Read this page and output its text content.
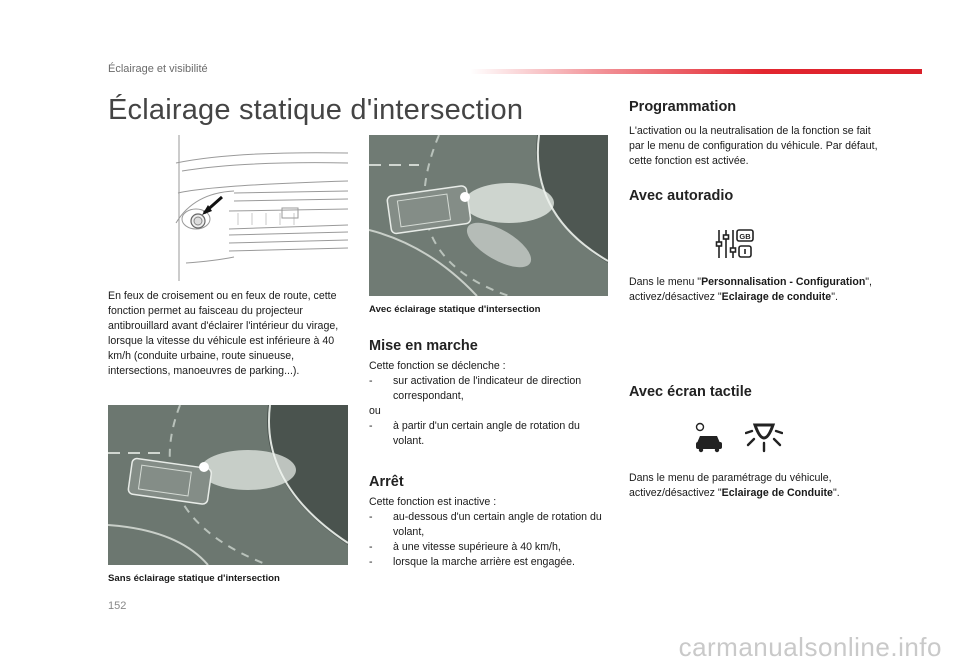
Éclairage et visibilité
Éclairage statique d'intersection
Avec éclairage statique d'intersection
En feux de croisement ou en feux de route, cette fonction permet au faisceau du projecteur antibrouillard avant d'éclairer l'intérieur du virage, lorsque la vitesse du véhicule est inférieure à 40 km/h (conduite urbaine, route sinueuse, intersections, manoeuvres de parking...).
Sans éclairage statique d'intersection
Mise en marche
Cette fonction se déclenche :
-	sur activation de l'indicateur de direction correspondant,
ou
-	à partir d'un certain angle de rotation du volant.
Arrêt
Cette fonction est inactive :
-	au-dessous d'un certain angle de rotation du volant,
-	à une vitesse supérieure à 40 km/h,
-	lorsque la marche arrière est engagée.
Programmation
L'activation ou la neutralisation de la fonction se fait par le menu de configuration du véhicule. Par défaut, cette fonction est activée.
Avec autoradio
GB
Dans le menu "Personnalisation - Configuration", activez/désactivez "Eclairage de conduite".
Avec écran tactile
Dans le menu de paramétrage du véhicule, activez/désactivez "Eclairage de Conduite".
152
carmanualsonline.info
